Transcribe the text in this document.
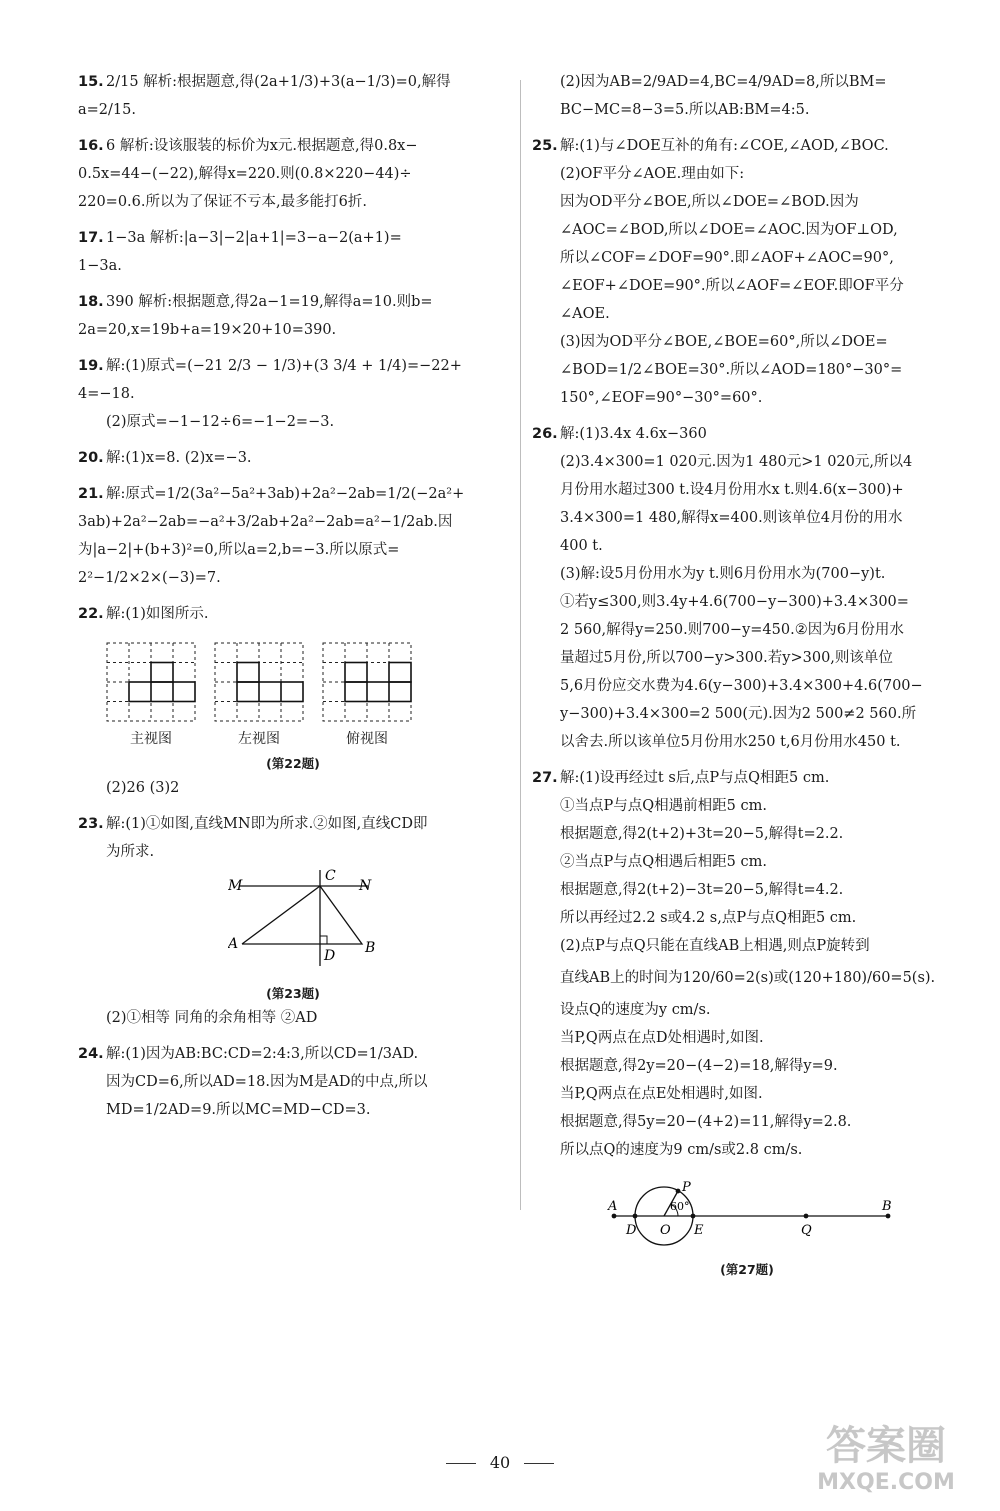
15. 2/15 解析:根据题意,得(2a+1/3)+3(a−1/3)=0,解得
a=2/15.
16. 6 解析:设该服装的标价为x元.根据题意,得0.8x−
0.5x=44−(−22),解得x=220.则(0.8×220−44)÷
220=0.6.所以为了保证不亏本,最多能打6折.
17. 1−3a 解析:|a−3|−2|a+1|=3−a−2(a+1)=
1−3a.
18. 390 解析:根据题意,得2a−1=19,解得a=10.则b=
2a=20,x=19b+a=19×20+10=390.
19. 解:(1)原式=(−21 2/3 − 1/3)+(3 3/4 + 1/4)=−22+
4=−18.
(2)原式=−1−12÷6=−1−2=−3.
20. 解:(1)x=8. (2)x=−3.
21. 解:原式=1/2(3a²−5a²+3ab)+2a²−2ab=1/2(−2a²+
3ab)+2a²−2ab=−a²+3/2ab+2a²−2ab=a²−1/2ab.因
为|a−2|+(b+3)²=0,所以a=2,b=−3.所以原式=
2²−1/2×2×(−3)=7.
22. 解:(1)如图所示.
主视图	左视图	俯视图
(第22题)
(2)26 (3)2
23. 解:(1)①如图,直线MN即为所求.②如图,直线CD即
为所求.
M
C
N
A
D B
(第23题)
(2)①相等 同角的余角相等 ②AD
24. 解:(1)因为AB:BC:CD=2:4:3,所以CD=1/3AD.
因为CD=6,所以AD=18.因为M是AD的中点,所以
MD=1/2AD=9.所以MC=MD−CD=3.
(2)因为AB=2/9AD=4,BC=4/9AD=8,所以BM=
BC−MC=8−3=5.所以AB:BM=4:5.
25. 解:(1)与∠DOE互补的角有:∠COE,∠AOD,∠BOC.
(2)OF平分∠AOE.理由如下:
因为OD平分∠BOE,所以∠DOE=∠BOD.因为
∠AOC=∠BOD,所以∠DOE=∠AOC.因为OF⊥OD,
所以∠COF=∠DOF=90°.即∠AOF+∠AOC=90°,
∠EOF+∠DOE=90°.所以∠AOF=∠EOF.即OF平分
∠AOE.
(3)因为OD平分∠BOE,∠BOE=60°,所以∠DOE=
∠BOD=1/2∠BOE=30°.所以∠AOD=180°−30°=
150°,∠EOF=90°−30°=60°.
26. 解:(1)3.4x 4.6x−360
(2)3.4×300=1 020元.因为1 480元>1 020元,所以4
月份用水超过300 t.设4月份用水x t.则4.6(x−300)+
3.4×300=1 480,解得x=400.则该单位4月份的用水
400 t.
(3)解:设5月份用水为y t.则6月份用水为(700−y)t.
①若y≤300,则3.4y+4.6(700−y−300)+3.4×300=
2 560,解得y=250.则700−y=450.②因为6月份用水
量超过5月份,所以700−y>300.若y>300,则该单位
5,6月份应交水费为4.6(y−300)+3.4×300+4.6(700−
y−300)+3.4×300=2 500(元).因为2 500≠2 560.所
以舍去.所以该单位5月份用水250 t,6月份用水450 t.
27. 解:(1)设再经过t s后,点P与点Q相距5 cm.
①当点P与点Q相遇前相距5 cm.
根据题意,得2(t+2)+3t=20−5,解得t=2.2.
②当点P与点Q相遇后相距5 cm.
根据题意,得2(t+2)−3t=20−5,解得t=4.2.
所以再经过2.2 s或4.2 s,点P与点Q相距5 cm.
(2)点P与点Q只能在直线AB上相遇,则点P旋转到
直线AB上的时间为120/60=2(s)或(120+180)/60=5(s).
设点Q的速度为y cm/s.
当P,Q两点在点D处相遇时,如图.
根据题意,得2y=20−(4−2)=18,解得y=9.
当P,Q两点在点E处相遇时,如图.
根据题意,得5y=20−(4+2)=11,解得y=2.8.
所以点Q的速度为9 cm/s或2.8 cm/s.
P
60°
A	B
D O E	Q
(第27题)
40	答案圈
MXQE.COM
